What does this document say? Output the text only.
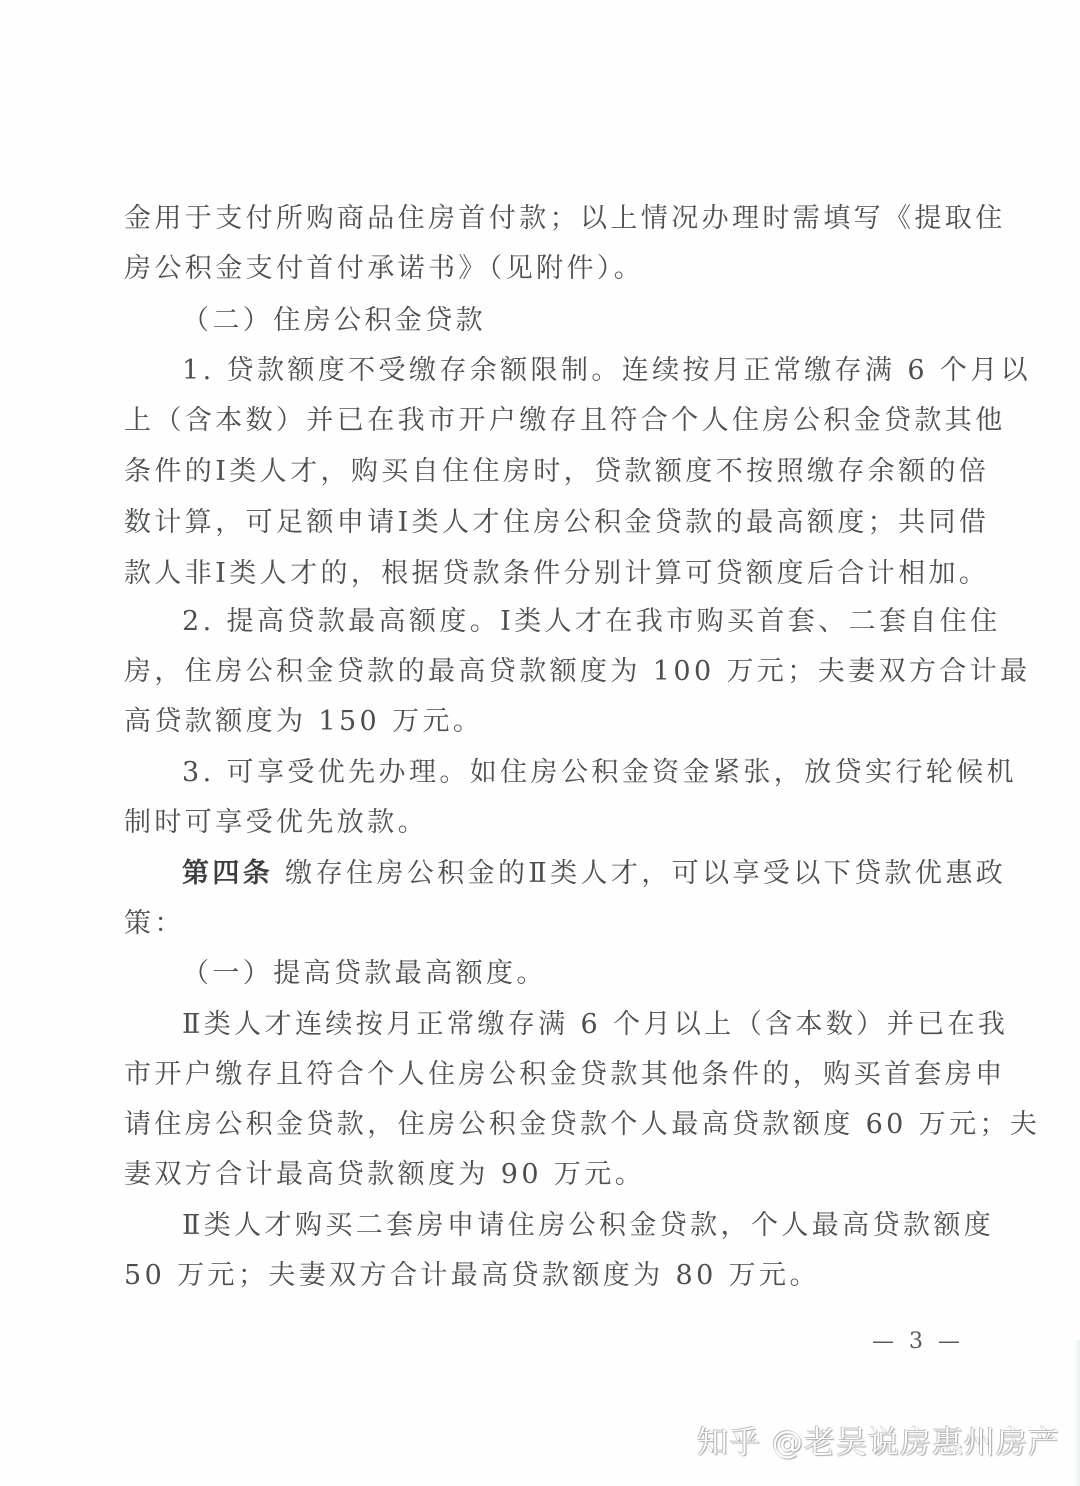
金用于支付所购商品住房首付款；以上情况办理时需填写《提取住
房公积金支付首付承诺书》（见附件）。
（二）住房公积金贷款
1. 贷款额度不受缴存余额限制。连续按月正常缴存满 6 个月以
上（含本数）并已在我市开户缴存且符合个人住房公积金贷款其他
条件的Ⅰ类人才，购买自住住房时，贷款额度不按照缴存余额的倍
数计算，可足额申请Ⅰ类人才住房公积金贷款的最高额度；共同借
款人非Ⅰ类人才的，根据贷款条件分别计算可贷额度后合计相加。
2. 提高贷款最高额度。Ⅰ类人才在我市购买首套、二套自住住
房，住房公积金贷款的最高贷款额度为 100 万元；夫妻双方合计最
高贷款额度为 150 万元。
3. 可享受优先办理。如住房公积金资金紧张，放贷实行轮候机
制时可享受优先放款。
第四条 缴存住房公积金的Ⅱ类人才，可以享受以下贷款优惠政
策：
（一）提高贷款最高额度。
Ⅱ类人才连续按月正常缴存满 6 个月以上（含本数）并已在我
市开户缴存且符合个人住房公积金贷款其他条件的，购买首套房申
请住房公积金贷款，住房公积金贷款个人最高贷款额度 60 万元；夫
妻双方合计最高贷款额度为 90 万元。
Ⅱ类人才购买二套房申请住房公积金贷款，个人最高贷款额度
50 万元；夫妻双方合计最高贷款额度为 80 万元。
— 3 —
知乎 @老吴说房惠州房产
